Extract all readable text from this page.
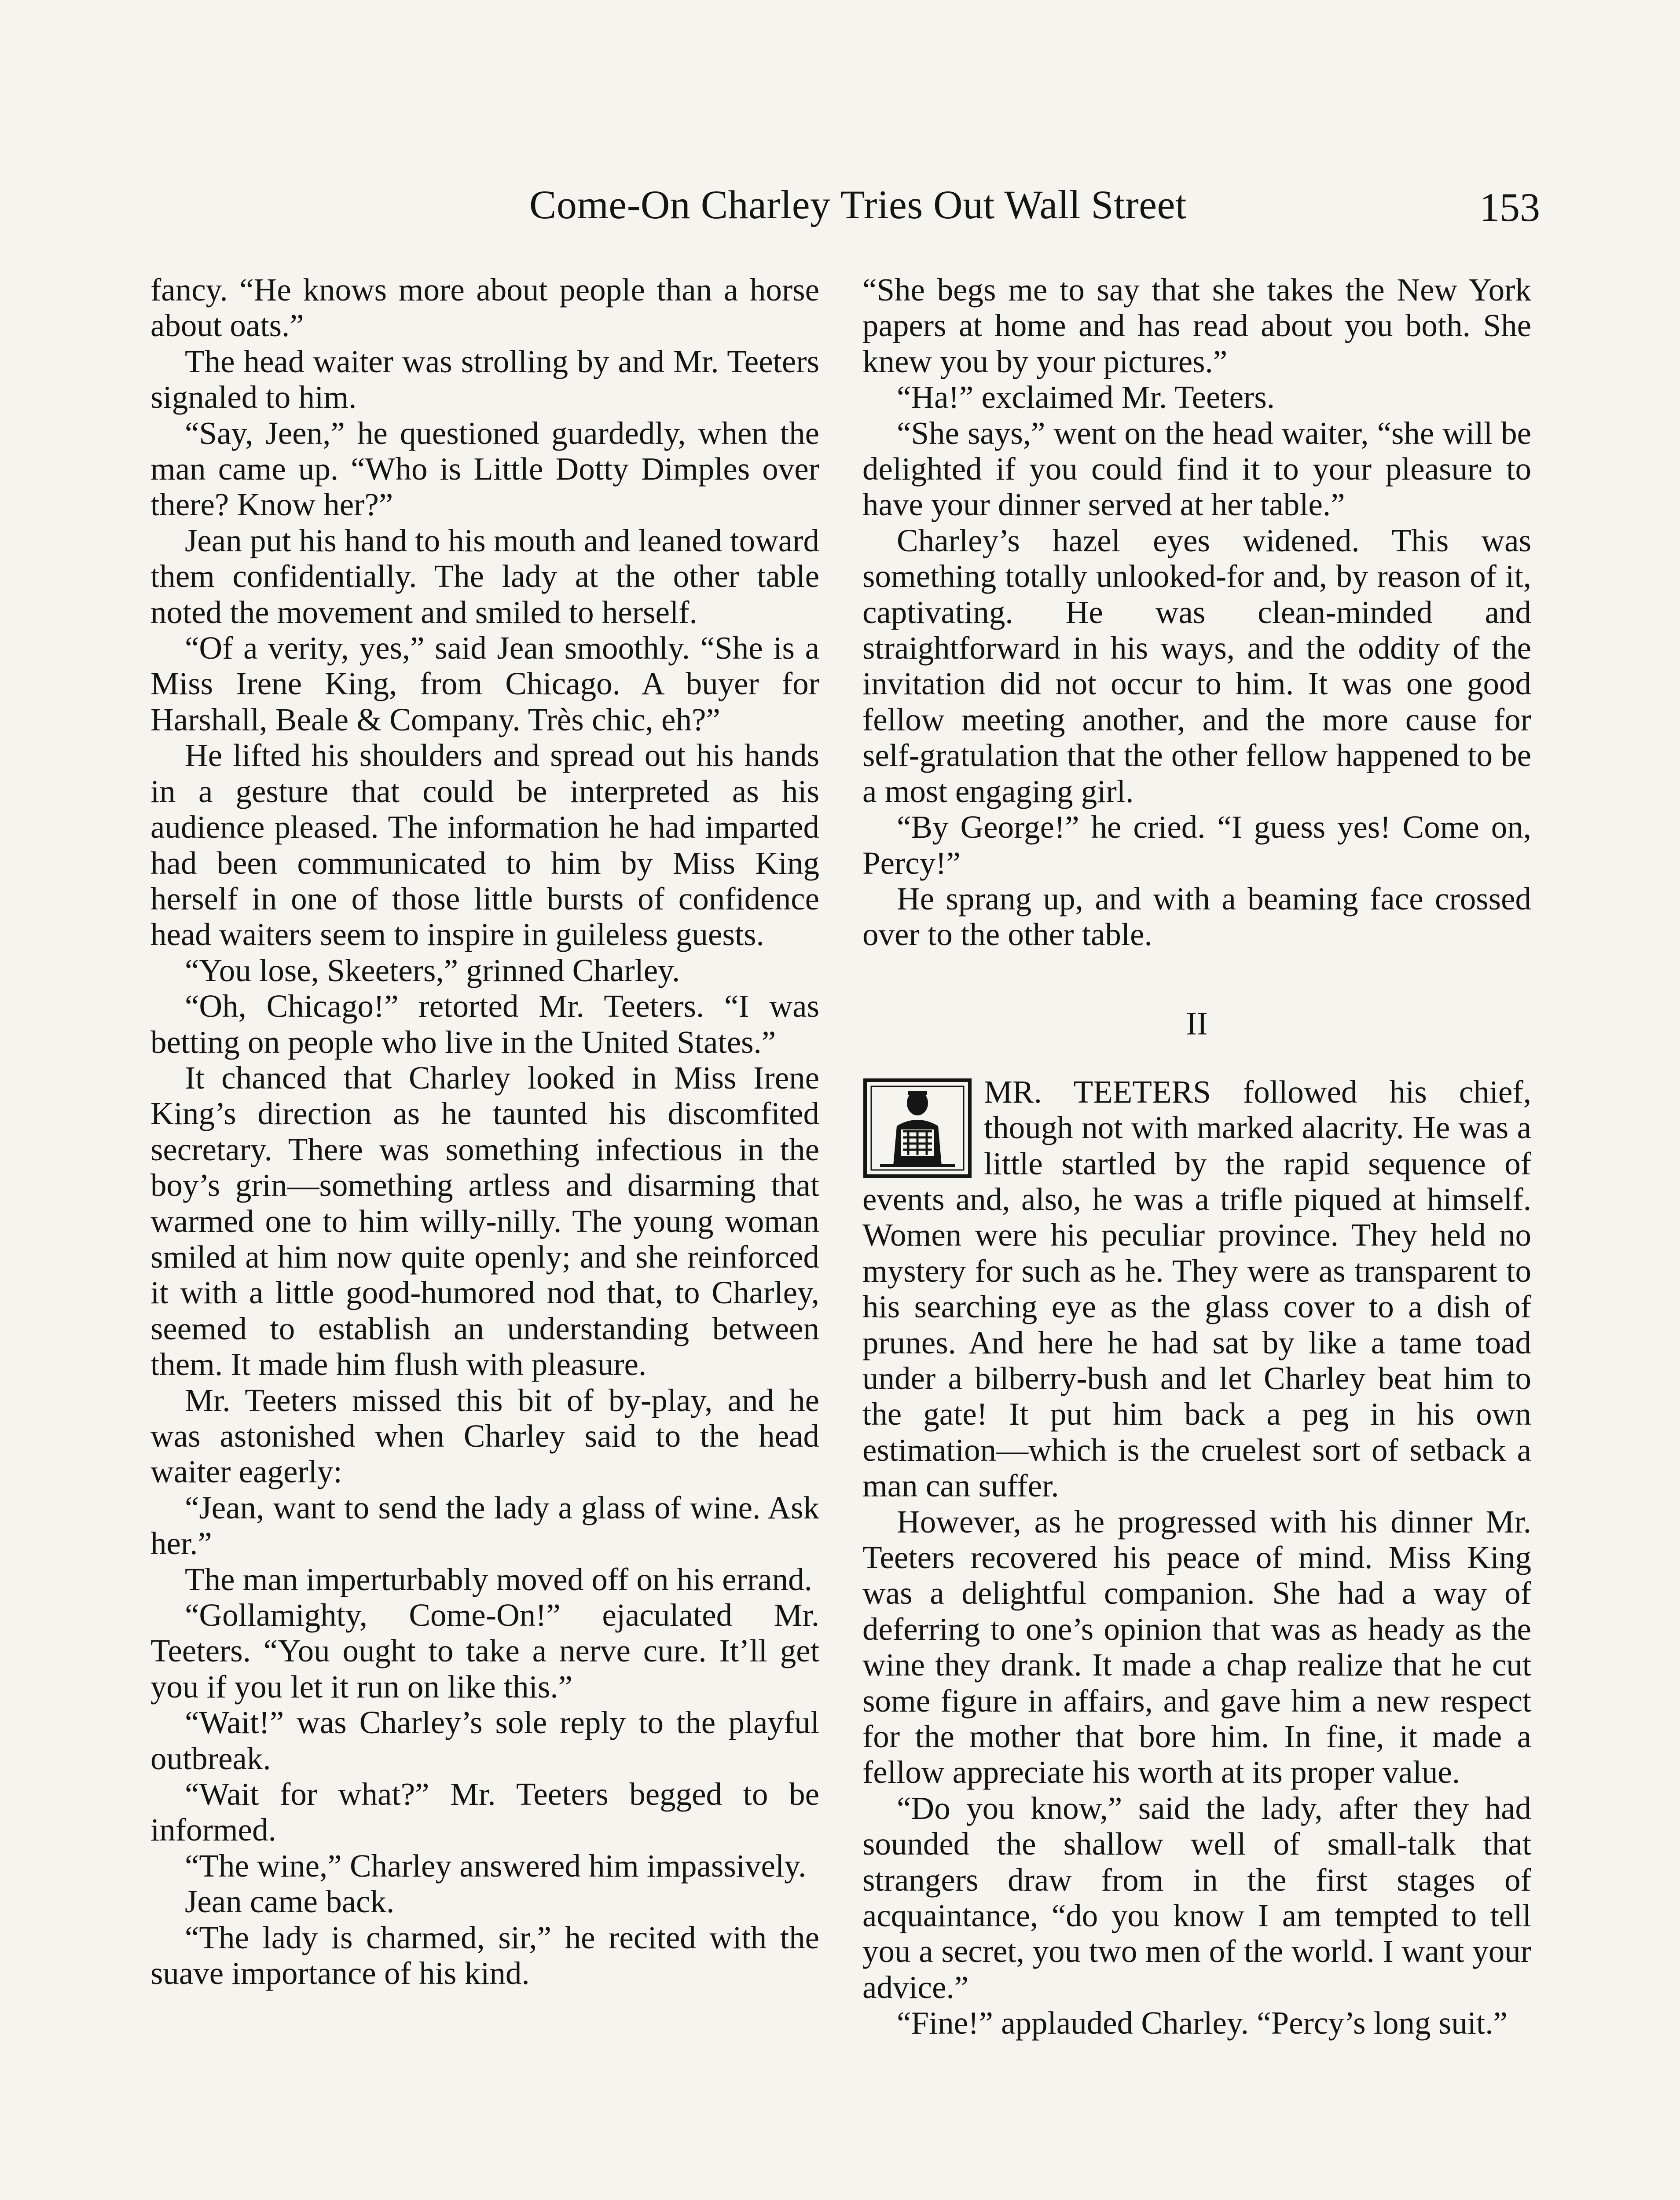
Come-On Charley Tries Out Wall Street	153

fancy. “He knows more about people than a horse about oats.”

The head waiter was strolling by and Mr. Teeters signaled to him.

“Say, Jeen,” he questioned guardedly, when the man came up. “Who is Little Dotty Dimples over there? Know her?”

Jean put his hand to his mouth and leaned toward them confidentially. The lady at the other table noted the movement and smiled to herself.

“Of a verity, yes,” said Jean smoothly. “She is a Miss Irene King, from Chicago. A buyer for Harshall, Beale & Company. Très chic, eh?”

He lifted his shoulders and spread out his hands in a gesture that could be interpreted as his audience pleased. The information he had imparted had been communicated to him by Miss King herself in one of those little bursts of confidence head waiters seem to inspire in guileless guests.

“You lose, Skeeters,” grinned Charley.

“Oh, Chicago!” retorted Mr. Teeters. “I was betting on people who live in the United States.”

It chanced that Charley looked in Miss Irene King’s direction as he taunted his discomfited secretary. There was something infectious in the boy’s grin—something artless and disarming that warmed one to him willy-nilly. The young woman smiled at him now quite openly; and she reinforced it with a little good-humored nod that, to Charley, seemed to establish an understanding between them. It made him flush with pleasure.

Mr. Teeters missed this bit of by-play, and he was astonished when Charley said to the head waiter eagerly:

“Jean, want to send the lady a glass of wine. Ask her.”

The man imperturbably moved off on his errand.

“Gollamighty, Come-On!” ejaculated Mr. Teeters. “You ought to take a nerve cure. It’ll get you if you let it run on like this.”

“Wait!” was Charley’s sole reply to the playful outbreak.

“Wait for what?” Mr. Teeters begged to be informed.

“The wine,” Charley answered him impassively.

Jean came back.

“The lady is charmed, sir,” he recited with the suave importance of his kind.

“She begs me to say that she takes the New York papers at home and has read about you both. She knew you by your pictures.”

“Ha!” exclaimed Mr. Teeters.

“She says,” went on the head waiter, “she will be delighted if you could find it to your pleasure to have your dinner served at her table.”

Charley’s hazel eyes widened. This was something totally unlooked-for and, by reason of it, captivating. He was clean-minded and straightforward in his ways, and the oddity of the invitation did not occur to him. It was one good fellow meeting another, and the more cause for self-gratulation that the other fellow happened to be a most engaging girl.

“By George!” he cried. “I guess yes! Come on, Percy!”

He sprang up, and with a beaming face crossed over to the other table.

II

MR. TEETERS followed his chief, though not with marked alacrity. He was a little startled by the rapid sequence of events and, also, he was a trifle piqued at himself. Women were his peculiar province. They held no mystery for such as he. They were as transparent to his searching eye as the glass cover to a dish of prunes. And here he had sat by like a tame toad under a bilberry-bush and let Charley beat him to the gate! It put him back a peg in his own estimation—which is the cruelest sort of setback a man can suffer.

However, as he progressed with his dinner Mr. Teeters recovered his peace of mind. Miss King was a delightful companion. She had a way of deferring to one’s opinion that was as heady as the wine they drank. It made a chap realize that he cut some figure in affairs, and gave him a new respect for the mother that bore him. In fine, it made a fellow appreciate his worth at its proper value.

“Do you know,” said the lady, after they had sounded the shallow well of small-talk that strangers draw from in the first stages of acquaintance, “do you know I am tempted to tell you a secret, you two men of the world. I want your advice.”

“Fine!” applauded Charley. “Percy’s long suit.”
